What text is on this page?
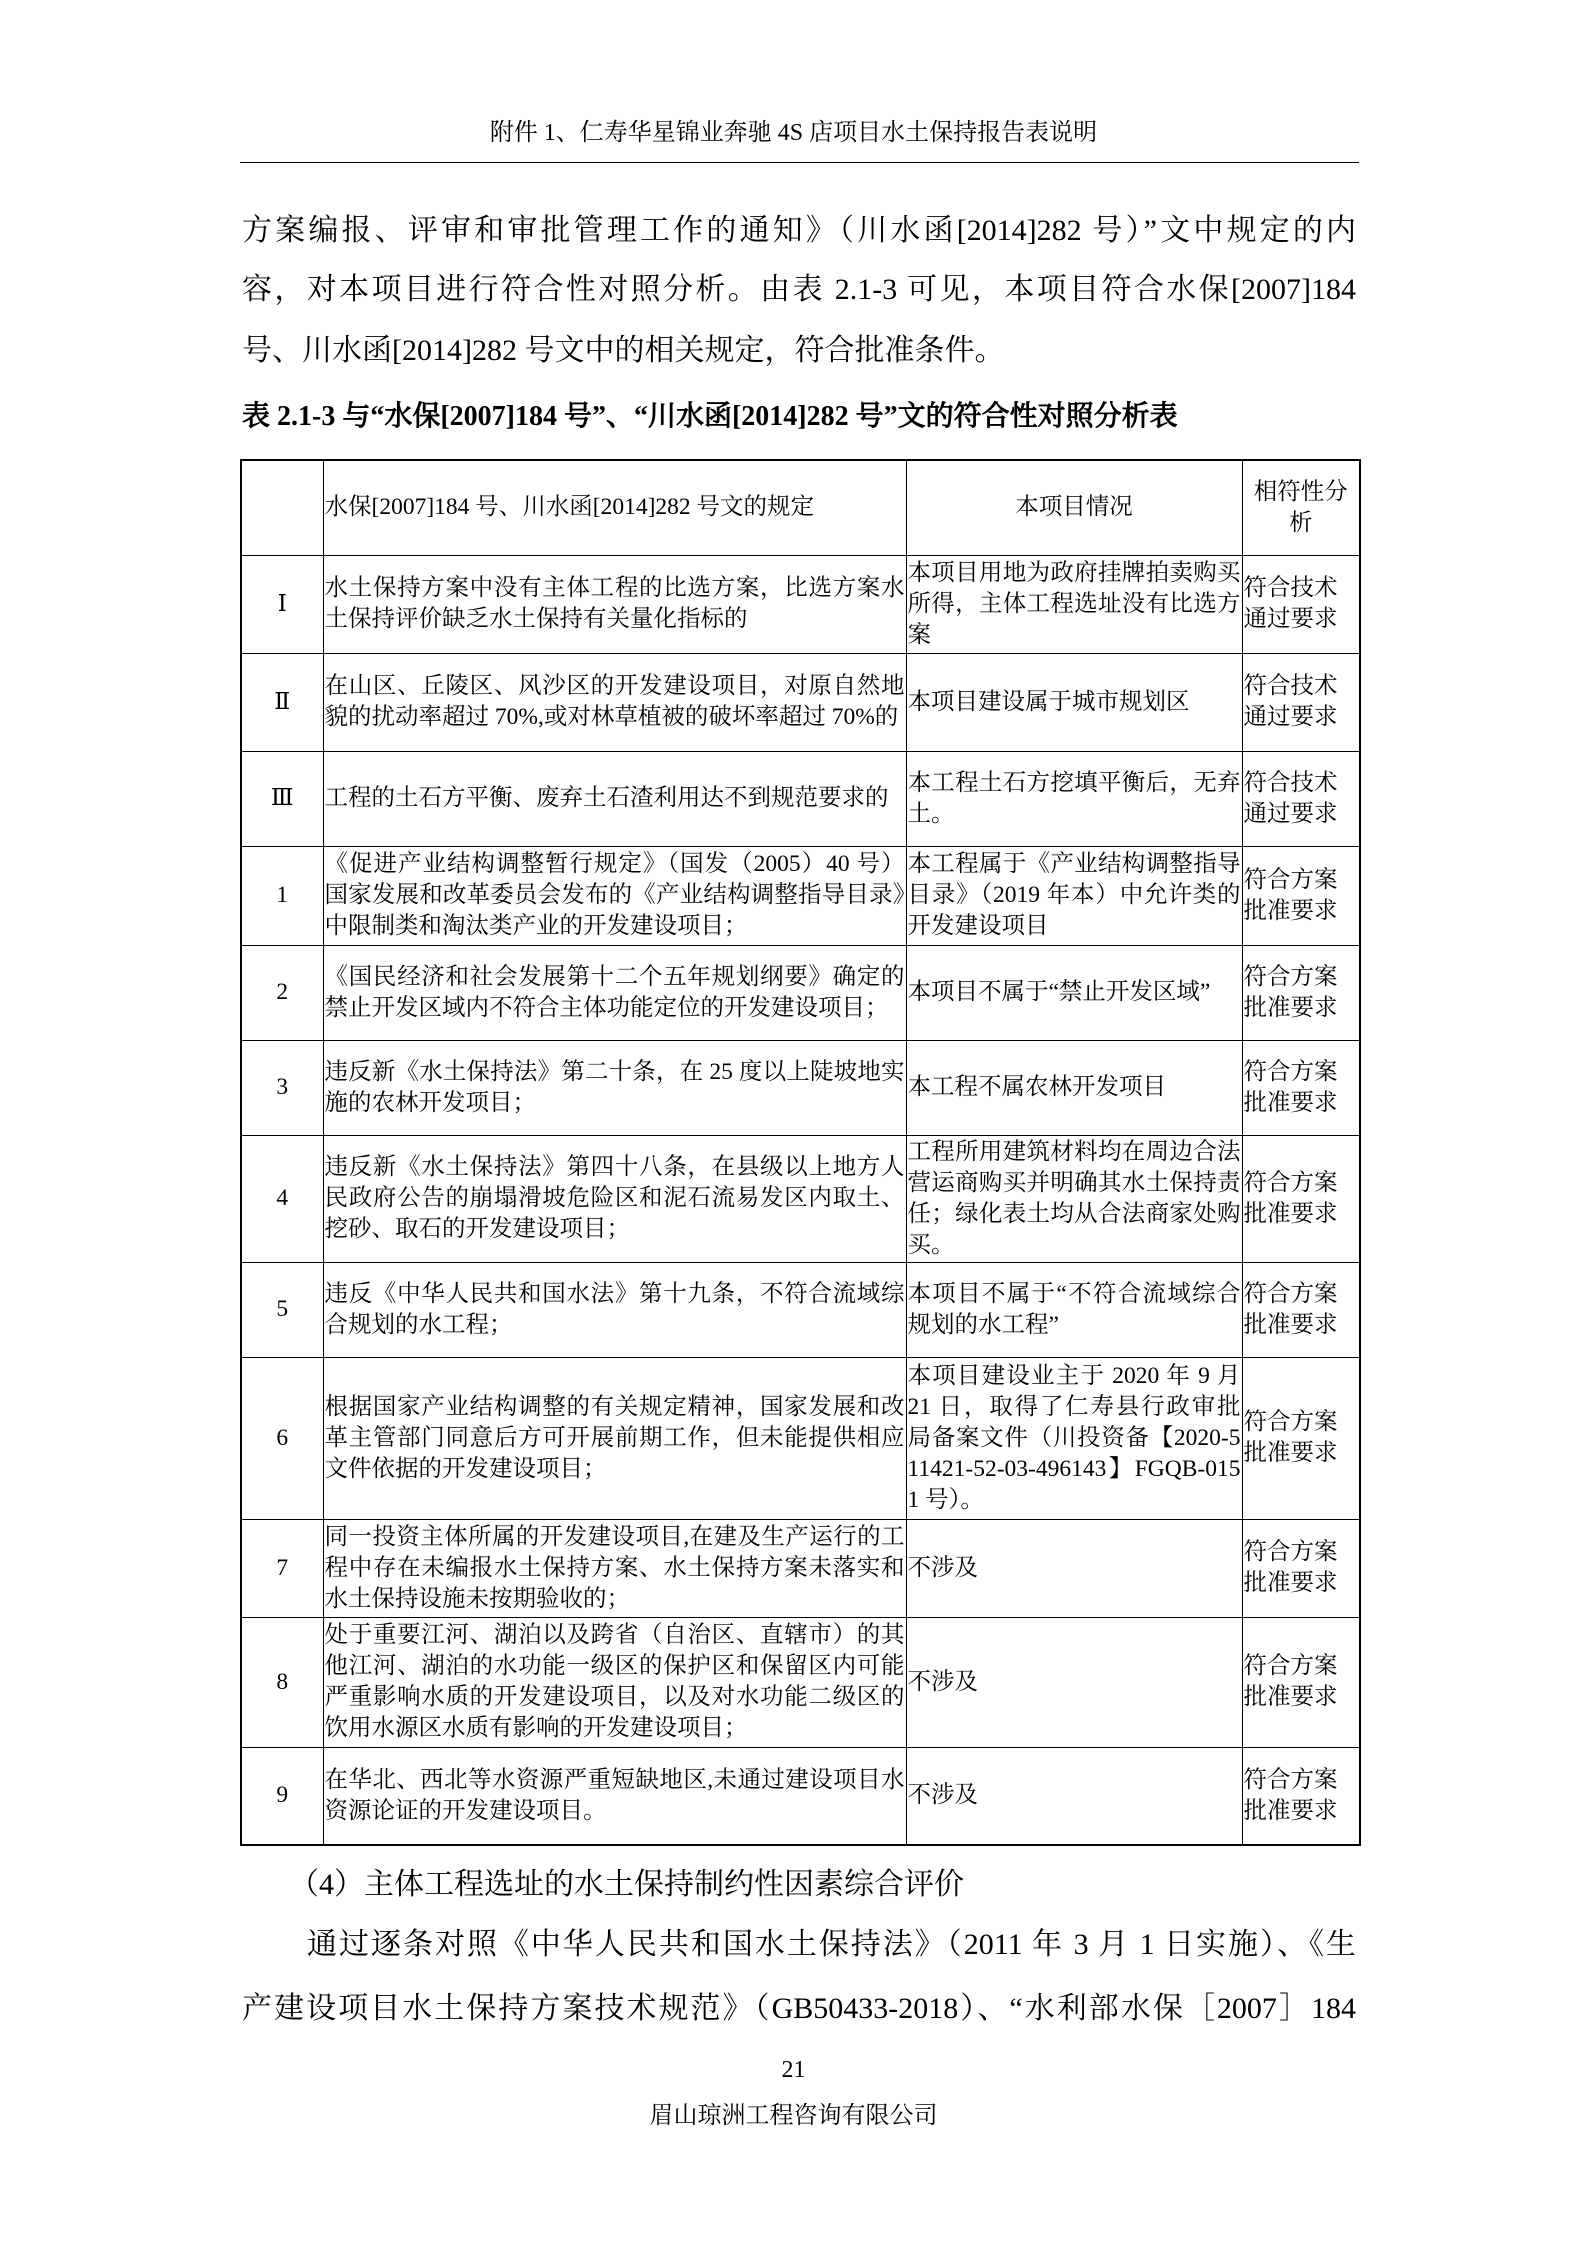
附件 1、仁寿华星锦业奔驰 4S 店项目水土保持报告表说明
方案编报、评审和审批管理工作的通知》（川水函[2014]282 号）”文中规定的内
容，对本项目进行符合性对照分析。由表 2.1-3 可见，本项目符合水保[2007]184
号、川水函[2014]282 号文中的相关规定，符合批准条件。
表 2.1-3 与“水保[2007]184 号”、“川水函[2014]282 号”文的符合性对照分析表
	水保[2007]184 号、川水函[2014]282 号文的规定	本项目情况	相符性分析
Ⅰ	水土保持方案中没有主体工程的比选方案，比选方案水土保持评价缺乏水土保持有关量化指标的	本项目用地为政府挂牌拍卖购买所得，主体工程选址没有比选方案	符合技术通过要求
Ⅱ	在山区、丘陵区、风沙区的开发建设项目，对原自然地貌的扰动率超过 70%,或对林草植被的破坏率超过 70%的	本项目建设属于城市规划区	符合技术通过要求
Ⅲ	工程的土石方平衡、废弃土石渣利用达不到规范要求的	本工程土石方挖填平衡后，无弃土。	符合技术通过要求
1	《促进产业结构调整暂行规定》（国发（2005）40 号）国家发展和改革委员会发布的《产业结构调整指导目录》中限制类和淘汰类产业的开发建设项目；	本工程属于《产业结构调整指导目录》（2019 年本）中允许类的开发建设项目	符合方案批准要求
2	《国民经济和社会发展第十二个五年规划纲要》确定的禁止开发区域内不符合主体功能定位的开发建设项目；	本项目不属于“禁止开发区域”	符合方案批准要求
3	违反新《水土保持法》第二十条，在 25 度以上陡坡地实施的农林开发项目；	本工程不属农林开发项目	符合方案批准要求
4	违反新《水土保持法》第四十八条，在县级以上地方人民政府公告的崩塌滑坡危险区和泥石流易发区内取土、挖砂、取石的开发建设项目；	工程所用建筑材料均在周边合法营运商购买并明确其水土保持责任；绿化表土均从合法商家处购买。	符合方案批准要求
5	违反《中华人民共和国水法》第十九条，不符合流域综合规划的水工程；	本项目不属于“不符合流域综合规划的水工程”	符合方案批准要求
6	根据国家产业结构调整的有关规定精神，国家发展和改革主管部门同意后方可开展前期工作，但未能提供相应文件依据的开发建设项目；	本项目建设业主于 2020 年 9 月 21 日，取得了仁寿县行政审批局备案文件（川投资备【2020-511421-52-03-496143】FGQB-0151 号）。	符合方案批准要求
7	同一投资主体所属的开发建设项目,在建及生产运行的工程中存在未编报水土保持方案、水土保持方案未落实和水土保持设施未按期验收的；	不涉及	符合方案批准要求
8	处于重要江河、湖泊以及跨省（自治区、直辖市）的其他江河、湖泊的水功能一级区的保护区和保留区内可能严重影响水质的开发建设项目，以及对水功能二级区的饮用水源区水质有影响的开发建设项目；	不涉及	符合方案批准要求
9	在华北、西北等水资源严重短缺地区,未通过建设项目水资源论证的开发建设项目。	不涉及	符合方案批准要求
（4）主体工程选址的水土保持制约性因素综合评价
通过逐条对照《中华人民共和国水土保持法》（2011 年 3 月 1 日实施）、《生
产建设项目水土保持方案技术规范》（GB50433-2018）、“水利部水保［2007］184
21
眉山琼洲工程咨询有限公司
